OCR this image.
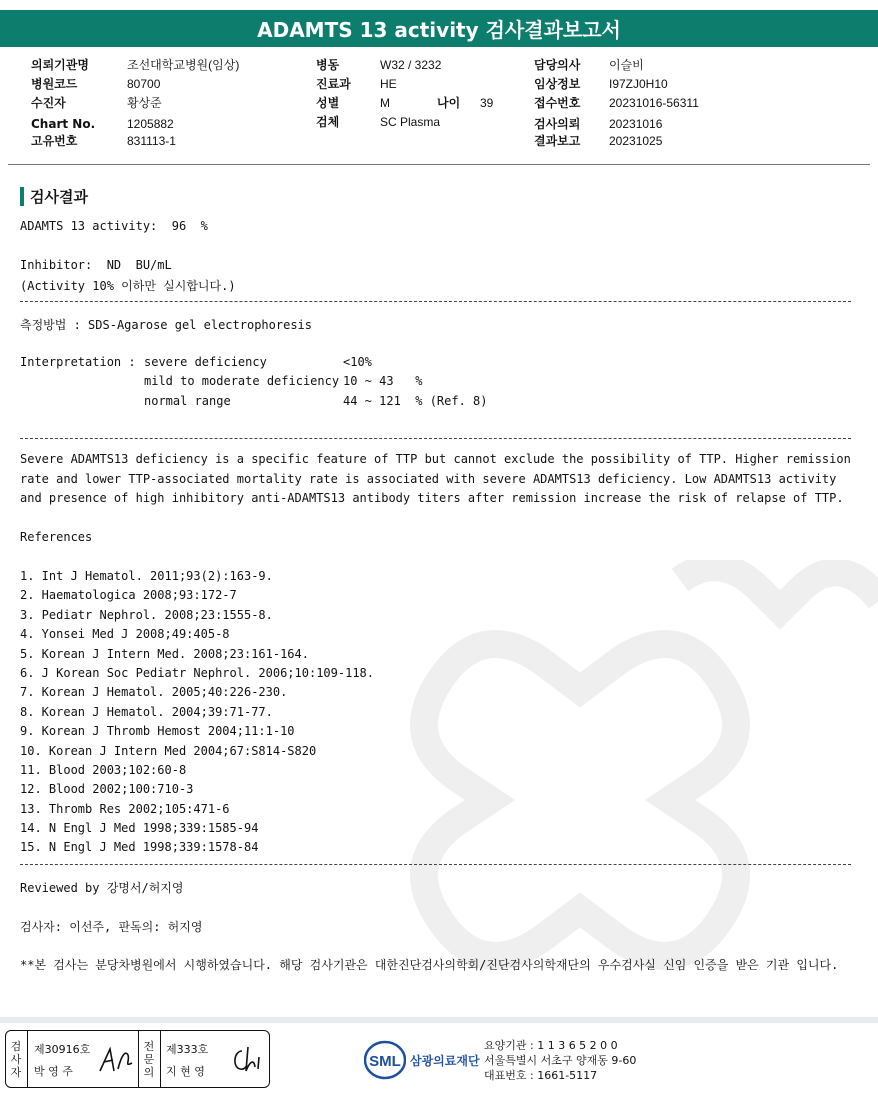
ADAMTS 13 activity 검사결과보고서
의뢰기관명	조선대학교병원(임상)
병원코드	80700
수진자	황상준
Chart No.	1205882
고유번호	831113-1
병동	W32 / 3232
진료과 HE
성별	M	나이 39
검체	SC Plasma
담당의사 이슬비
임상정보 I97ZJ0H10
접수번호 20231016-56311
검사의뢰 20231016
결과보고 20231025
검사결과
ADAMTS 13 activity:  96  %
Inhibitor:  ND  BU/mL
(Activity 10% 이하만 실시합니다.)
측정방법 : SDS-Agarose gel electrophoresis
Interpretation : severe deficiency	<10%
mild to moderate deficiency 10 ~ 43   %
normal range	44 ~ 121  % (Ref. 8)
Severe ADAMTS13 deficiency is a specific feature of TTP but cannot exclude the possibility of TTP. Higher remission rate and lower TTP-associated mortality rate is associated with severe ADAMTS13 deficiency. Low ADAMTS13 activity and presence of high inhibitory anti-ADAMTS13 antibody titers after remission increase the risk of relapse of TTP.
References
1. Int J Hematol. 2011;93(2):163-9.
2. Haematologica 2008;93:172-7
3. Pediatr Nephrol. 2008;23:1555-8.
4. Yonsei Med J 2008;49:405-8
5. Korean J Intern Med. 2008;23:161-164.
6. J Korean Soc Pediatr Nephrol. 2006;10:109-118.
7. Korean J Hematol. 2005;40:226-230.
8. Korean J Hematol. 2004;39:71-77.
9. Korean J Thromb Hemost 2004;11:1-10
10. Korean J Intern Med 2004;67:S814-S820
11. Blood 2003;102:60-8
12. Blood 2002;100:710-3
13. Thromb Res 2002;105:471-6
14. N Engl J Med 1998;339:1585-94
15. N Engl J Med 1998;339:1578-84
Reviewed by 강명서/허지영
검사자: 이선주, 판독의: 허지영
**본 검사는 분당차병원에서 시행하였습니다. 해당 검사기관은 대한진단검사의학회/진단검사의학재단의 우수검사실 신임 인증을 받은 기관 입니다.
검
사
자
제30916호
박 영 주
전
문
의
제333호
지 현 영
SML 삼광의료재단
요양기관 : 1 1 3 6 5 2 0 0
서울특별시 서초구 양재동 9-60
대표번호 : 1661-5117
